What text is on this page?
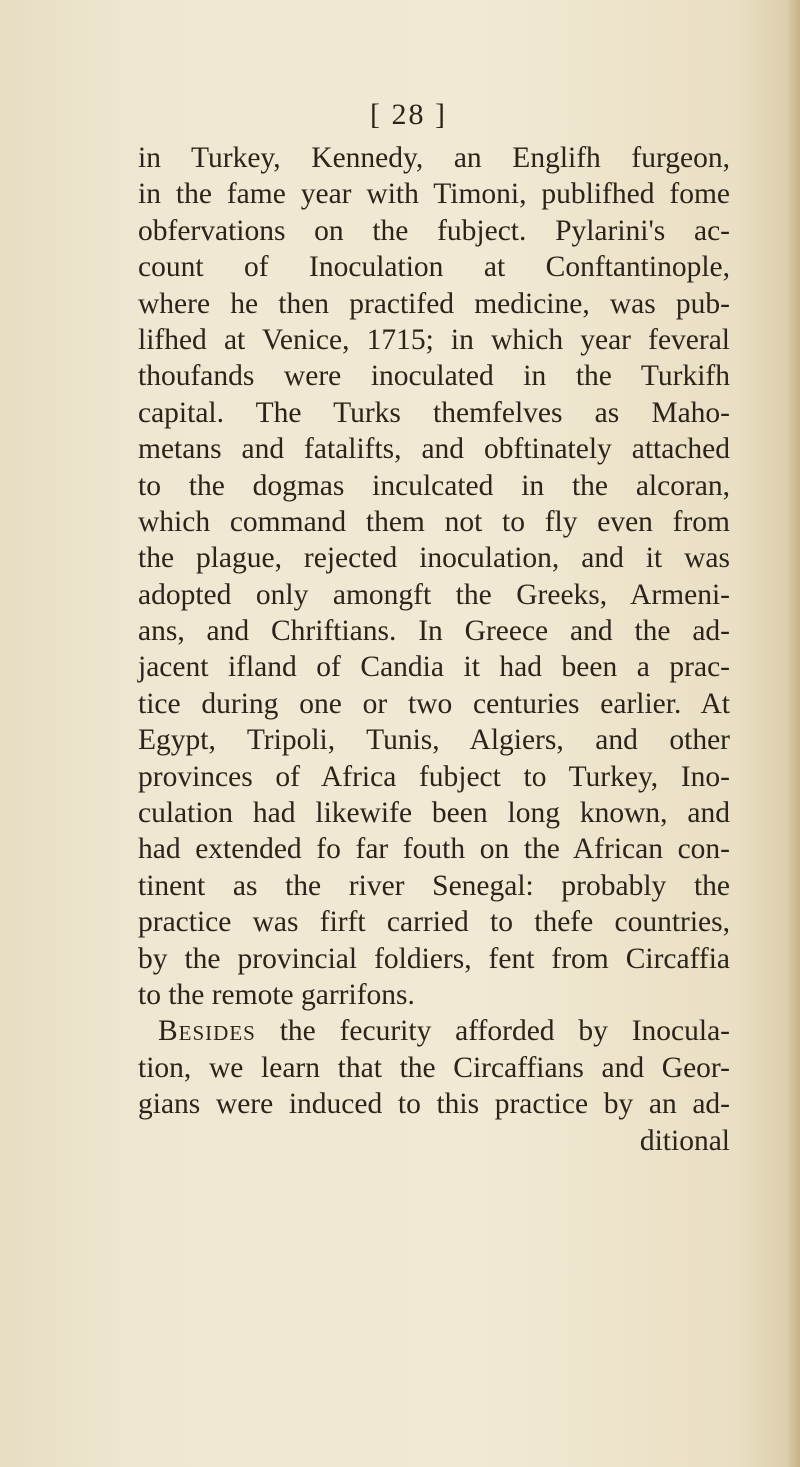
[ 28 ]
in Turkey, Kennedy, an Englifh furgeon,
in the fame year with Timoni, publifhed fome
obfervations on the fubject. Pylarini's ac-
count of Inoculation at Conftantinople,
where he then practifed medicine, was pub-
lifhed at Venice, 1715; in which year feveral
thoufands were inoculated in the Turkifh
capital. The Turks themfelves as Maho-
metans and fatalifts, and obftinately attached
to the dogmas inculcated in the alcoran,
which command them not to fly even from
the plague, rejected inoculation, and it was
adopted only amongft the Greeks, Armeni-
ans, and Chriftians. In Greece and the ad-
jacent ifland of Candia it had been a prac-
tice during one or two centuries earlier. At
Egypt, Tripoli, Tunis, Algiers, and other
provinces of Africa fubject to Turkey, Ino-
culation had likewife been long known, and
had extended fo far fouth on the African con-
tinent as the river Senegal: probably the
practice was firft carried to thefe countries,
by the provincial foldiers, fent from Circaffia
to the remote garrifons.
Besides the fecurity afforded by Inocula-
tion, we learn that the Circaffians and Geor-
gians were induced to this practice by an ad-
ditional
